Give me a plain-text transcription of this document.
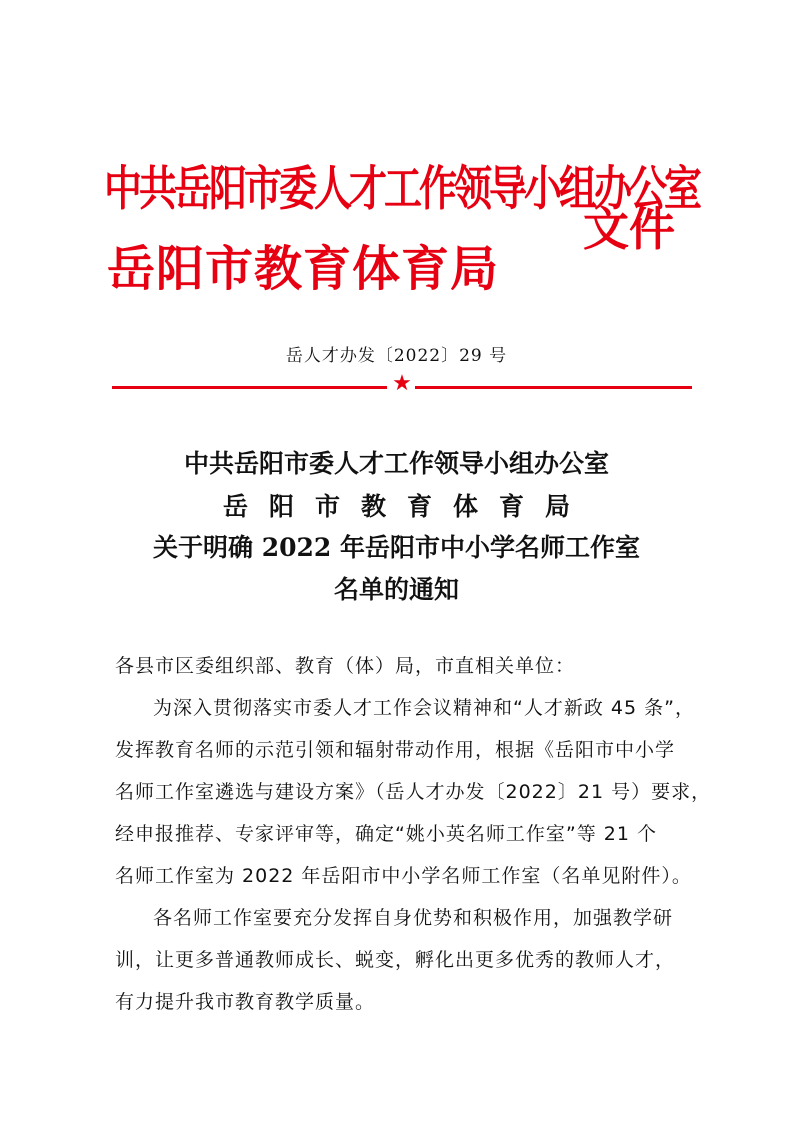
中共岳阳市委人才工作领导小组办公室
岳阳市教育体育局
文件
岳人才办发〔2022〕29 号
★
中共岳阳市委人才工作领导小组办公室
岳阳市教育体育局
关于明确 2022 年岳阳市中小学名师工作室
名单的通知
各县市区委组织部、教育（体）局，市直相关单位：
为深入贯彻落实市委人才工作会议精神和“人才新政 45 条”，
发挥教育名师的示范引领和辐射带动作用，根据《岳阳市中小学
名师工作室遴选与建设方案》（岳人才办发〔2022〕21 号）要求，
经申报推荐、专家评审等，确定“姚小英名师工作室”等 21 个
名师工作室为 2022 年岳阳市中小学名师工作室（名单见附件）。
各名师工作室要充分发挥自身优势和积极作用，加强教学研
训，让更多普通教师成长、蜕变，孵化出更多优秀的教师人才，
有力提升我市教育教学质量。
